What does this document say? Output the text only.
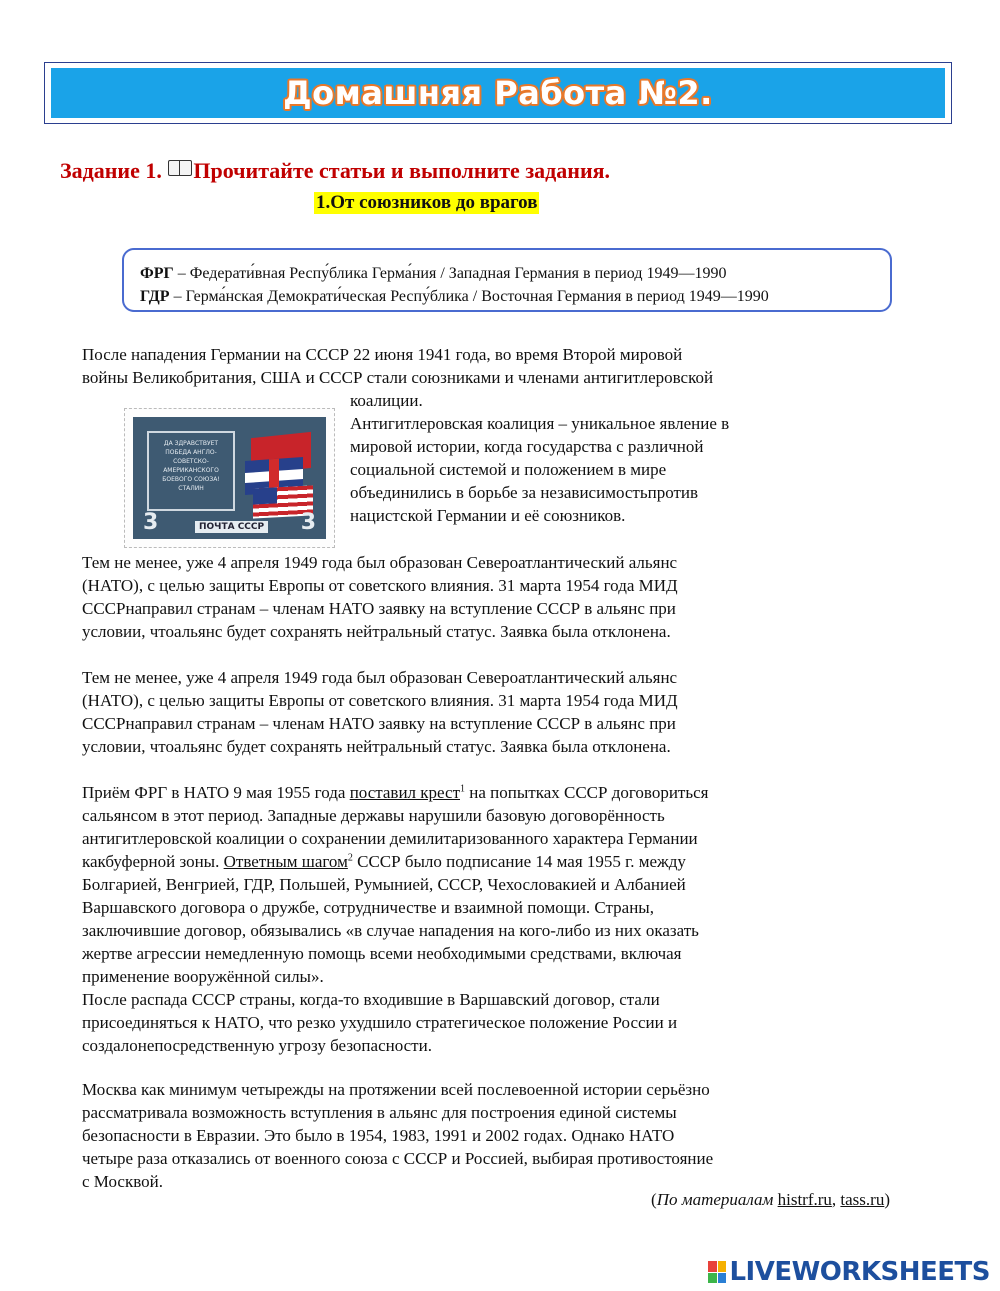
Домашняя Работа №2.
Задание 1. Прочитайте статьи и выполните задания.
1.От союзников до врагов
ФРГ – Федерати́вная Респу́блика Герма́ния / Западная Германия в период 1949—1990
ГДР – Герма́нская Демократи́ческая Респу́блика / Восточная Германия в период 1949—1990
После нападения Германии на СССР 22 июня 1941 года, во время Второй мировой
войны Великобритания, США и СССР стали союзниками и членами антигитлеровской
коалиции.
ДА ЗДРАВСТВУЕТ ПОБЕДА АНГЛО-СОВЕТСКО-АМЕРИКАНСКОГО БОЕВОГО СОЮЗА! СТАЛИН
3	ПОЧТА СССР 3
Антигитлеровская коалиция – уникальное явление в
мировой истории, когда государства с различной
социальной системой и положением в мире
объединились в борьбе за независимостьпротив
нацистской Германии и её союзников.
Тем не менее, уже 4 апреля 1949 года был образован Североатлантический альянс
(НАТО), с целью защиты Европы от советского влияния. 31 марта 1954 года МИД
СССРнаправил странам – членам НАТО заявку на вступление СССР в альянс при
условии, чтоальянс будет сохранять нейтральный статус. Заявка была отклонена.
Тем не менее, уже 4 апреля 1949 года был образован Североатлантический альянс
(НАТО), с целью защиты Европы от советского влияния. 31 марта 1954 года МИД
СССРнаправил странам – членам НАТО заявку на вступление СССР в альянс при
условии, чтоальянс будет сохранять нейтральный статус. Заявка была отклонена.
Приём ФРГ в НАТО 9 мая 1955 года поставил крест$^1$ на попытках СССР договориться
сальянсом в этот период. Западные державы нарушили базовую договорённость
антигитлеровской коалиции о сохранении демилитаризованного характера Германии
какбуферной зоны. Ответным шагом$^2$ СССР было подписание 14 мая 1955 г. между
Болгарией, Венгрией, ГДР, Польшей, Румынией, СССР, Чехословакией и Албанией
Варшавского договора о дружбе, сотрудничестве и взаимной помощи. Страны,
заключившие договор, обязывались «в случае нападения на кого-либо из них оказать
жертве агрессии немедленную помощь всеми необходимыми средствами, включая
применение вооружённой силы».
После распада СССР страны, когда-то входившие в Варшавский договор, стали
присоединяться к НАТО, что резко ухудшило стратегическое положение России и
создалонепосредственную угрозу безопасности.
Москва как минимум четырежды на протяжении всей послевоенной истории серьёзно
рассматривала возможность вступления в альянс для построения единой системы
безопасности в Евразии. Это было в 1954, 1983, 1991 и 2002 годах. Однако НАТО
четыре раза отказались от военного союза с СССР и Россией, выбирая противостояние
с Москвой.
(По материалам histrf.ru, tass.ru)
LIVEWORKSHEETS
